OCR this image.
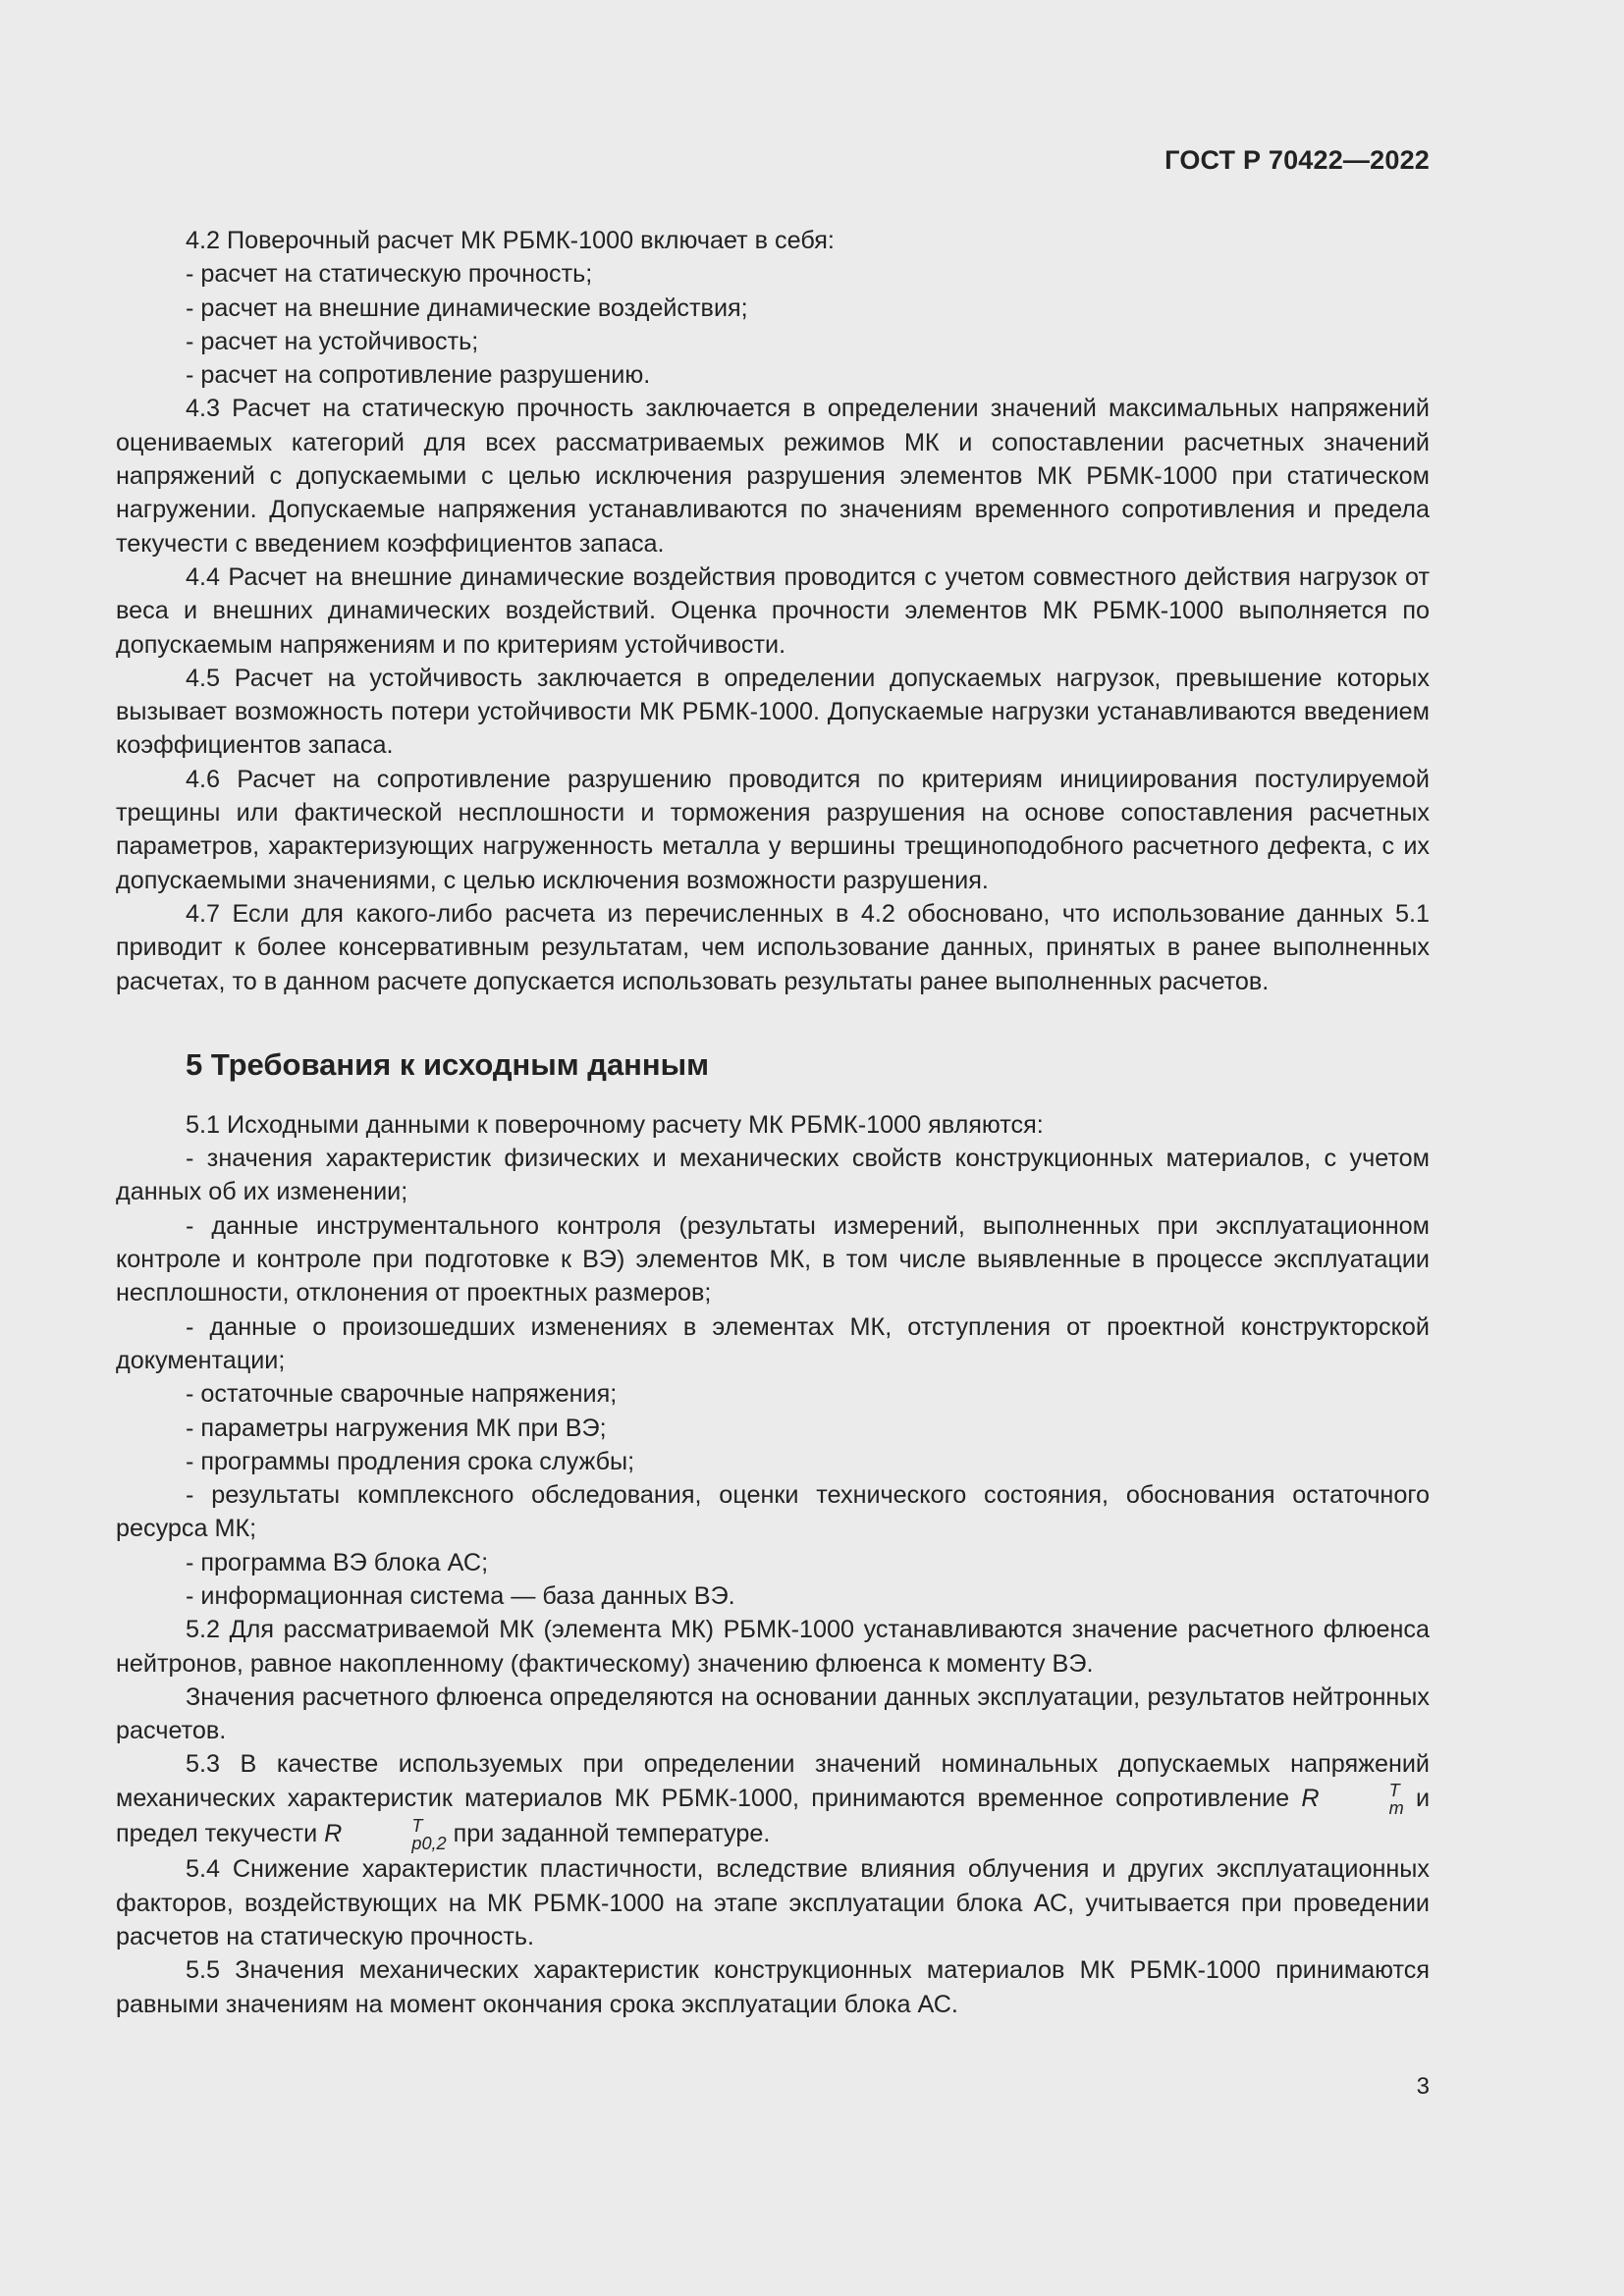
ГОСТ Р 70422—2022

4.2 Поверочный расчет МК РБМК-1000 включает в себя:

- расчет на статическую прочность;

- расчет на внешние динамические воздействия;

- расчет на устойчивость;

- расчет на сопротивление разрушению.

4.3 Расчет на статическую прочность заключается в определении значений максимальных напряжений оцениваемых категорий для всех рассматриваемых режимов МК и сопоставлении расчетных значений напряжений с допускаемыми с целью исключения разрушения элементов МК РБМК-1000 при статическом нагружении. Допускаемые напряжения устанавливаются по значениям временного сопротивления и предела текучести с введением коэффициентов запаса.

4.4 Расчет на внешние динамические воздействия проводится с учетом совместного действия нагрузок от веса и внешних динамических воздействий. Оценка прочности элементов МК РБМК-1000 выполняется по допускаемым напряжениям и по критериям устойчивости.

4.5 Расчет на устойчивость заключается в определении допускаемых нагрузок, превышение которых вызывает возможность потери устойчивости МК РБМК-1000. Допускаемые нагрузки устанавливаются введением коэффициентов запаса.

4.6 Расчет на сопротивление разрушению проводится по критериям инициирования постулируемой трещины или фактической несплошности и торможения разрушения на основе сопоставления расчетных параметров, характеризующих нагруженность металла у вершины трещиноподобного расчетного дефекта, с их допускаемыми значениями, с целью исключения возможности разрушения.

4.7 Если для какого-либо расчета из перечисленных в 4.2 обосновано, что использование данных 5.1 приводит к более консервативным результатам, чем использование данных, принятых в ранее выполненных расчетах, то в данном расчете допускается использовать результаты ранее выполненных расчетов.

5 Требования к исходным данным

5.1 Исходными данными к поверочному расчету МК РБМК-1000 являются:

- значения характеристик физических и механических свойств конструкционных материалов, с учетом данных об их изменении;

- данные инструментального контроля (результаты измерений, выполненных при эксплуатационном контроле и контроле при подготовке к ВЭ) элементов МК, в том числе выявленные в процессе эксплуатации несплошности, отклонения от проектных размеров;

- данные о произошедших изменениях в элементах МК, отступления от проектной конструкторской документации;

- остаточные сварочные напряжения;

- параметры нагружения МК при ВЭ;

- программы продления срока службы;

- результаты комплексного обследования, оценки технического состояния, обоснования остаточного ресурса МК;

- программа ВЭ блока АС;

- информационная система — база данных ВЭ.

5.2 Для рассматриваемой МК (элемента МК) РБМК-1000 устанавливаются значение расчетного флюенса нейтронов, равное накопленному (фактическому) значению флюенса к моменту ВЭ.

Значения расчетного флюенса определяются на основании данных эксплуатации, результатов нейтронных расчетов.

5.3 В качестве используемых при определении значений номинальных допускаемых напряжений механических характеристик материалов МК РБМК-1000, принимаются временное сопротивление R	T
m и предел текучести R	T
p0,2 при заданной температуре.

5.4 Снижение характеристик пластичности, вследствие влияния облучения и других эксплуатационных факторов, воздействующих на МК РБМК-1000 на этапе эксплуатации блока АС, учитывается при проведении расчетов на статическую прочность.

5.5 Значения механических характеристик конструкционных материалов МК РБМК-1000 принимаются равными значениям на момент окончания срока эксплуатации блока АС.

3
